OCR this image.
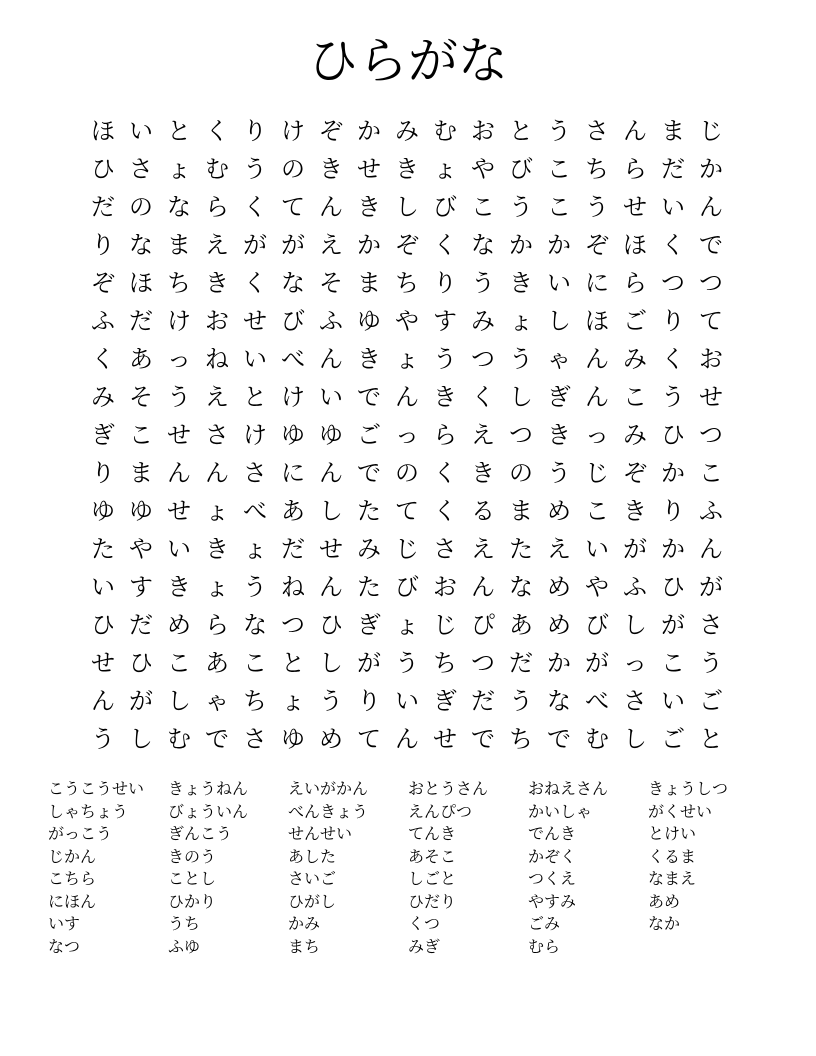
ひらがな
ほ い と く り け ぞ か み む お と う さ ん ま じ
ひ さ ょ む う の き せ き ょ や び こ ち ら だ か
だ の な ら く て ん き し び こ う こ う せ い ん
り な ま え が が え か ぞ く な か か ぞ ほ く で
ぞ ほ ち き く な そ ま ち り う き い に ら つ つ
ふ だ け お せ び ふ ゆ や す み ょ し ほ ご り て
く あ っ ね い べ ん き ょ う つ う ゃ ん み く お
み そ う え と け い で ん き く し ぎ ん こ う せ
ぎ こ せ さ け ゆ ゆ ご っ ら え つ き っ み ひ つ
り ま ん ん さ に ん で の く き の う じ ぞ か こ
ゆ ゆ せ ょ べ あ し た て く る ま め こ き り ふ
た や い き ょ だ せ み じ さ え た え い が か ん
い す き ょ う ね ん た び お ん な め や ふ ひ が
ひ だ め ら な つ ひ ぎ ょ じ ぴ あ め び し が さ
せ ひ こ あ こ と し が う ち つ だ か が っ こ う
ん が し ゃ ち ょ う り い ぎ だ う な べ さ い ご
う し む で さ ゆ め て ん せ で ち で む し ご と
こうこうせい
しゃちょう
がっこう
じかん
こちら
にほん
いす
なつ
きょうねん
びょういん
ぎんこう
きのう
ことし
ひかり
うち
ふゆ
えいがかん
べんきょう
せんせい
あした
さいご
ひがし
かみ
まち
おとうさん
えんぴつ
てんき
あそこ
しごと
ひだり
くつ
みぎ
おねえさん
かいしゃ
でんき
かぞく
つくえ
やすみ
ごみ
むら
きょうしつ
がくせい
とけい
くるま
なまえ
あめ
なか
